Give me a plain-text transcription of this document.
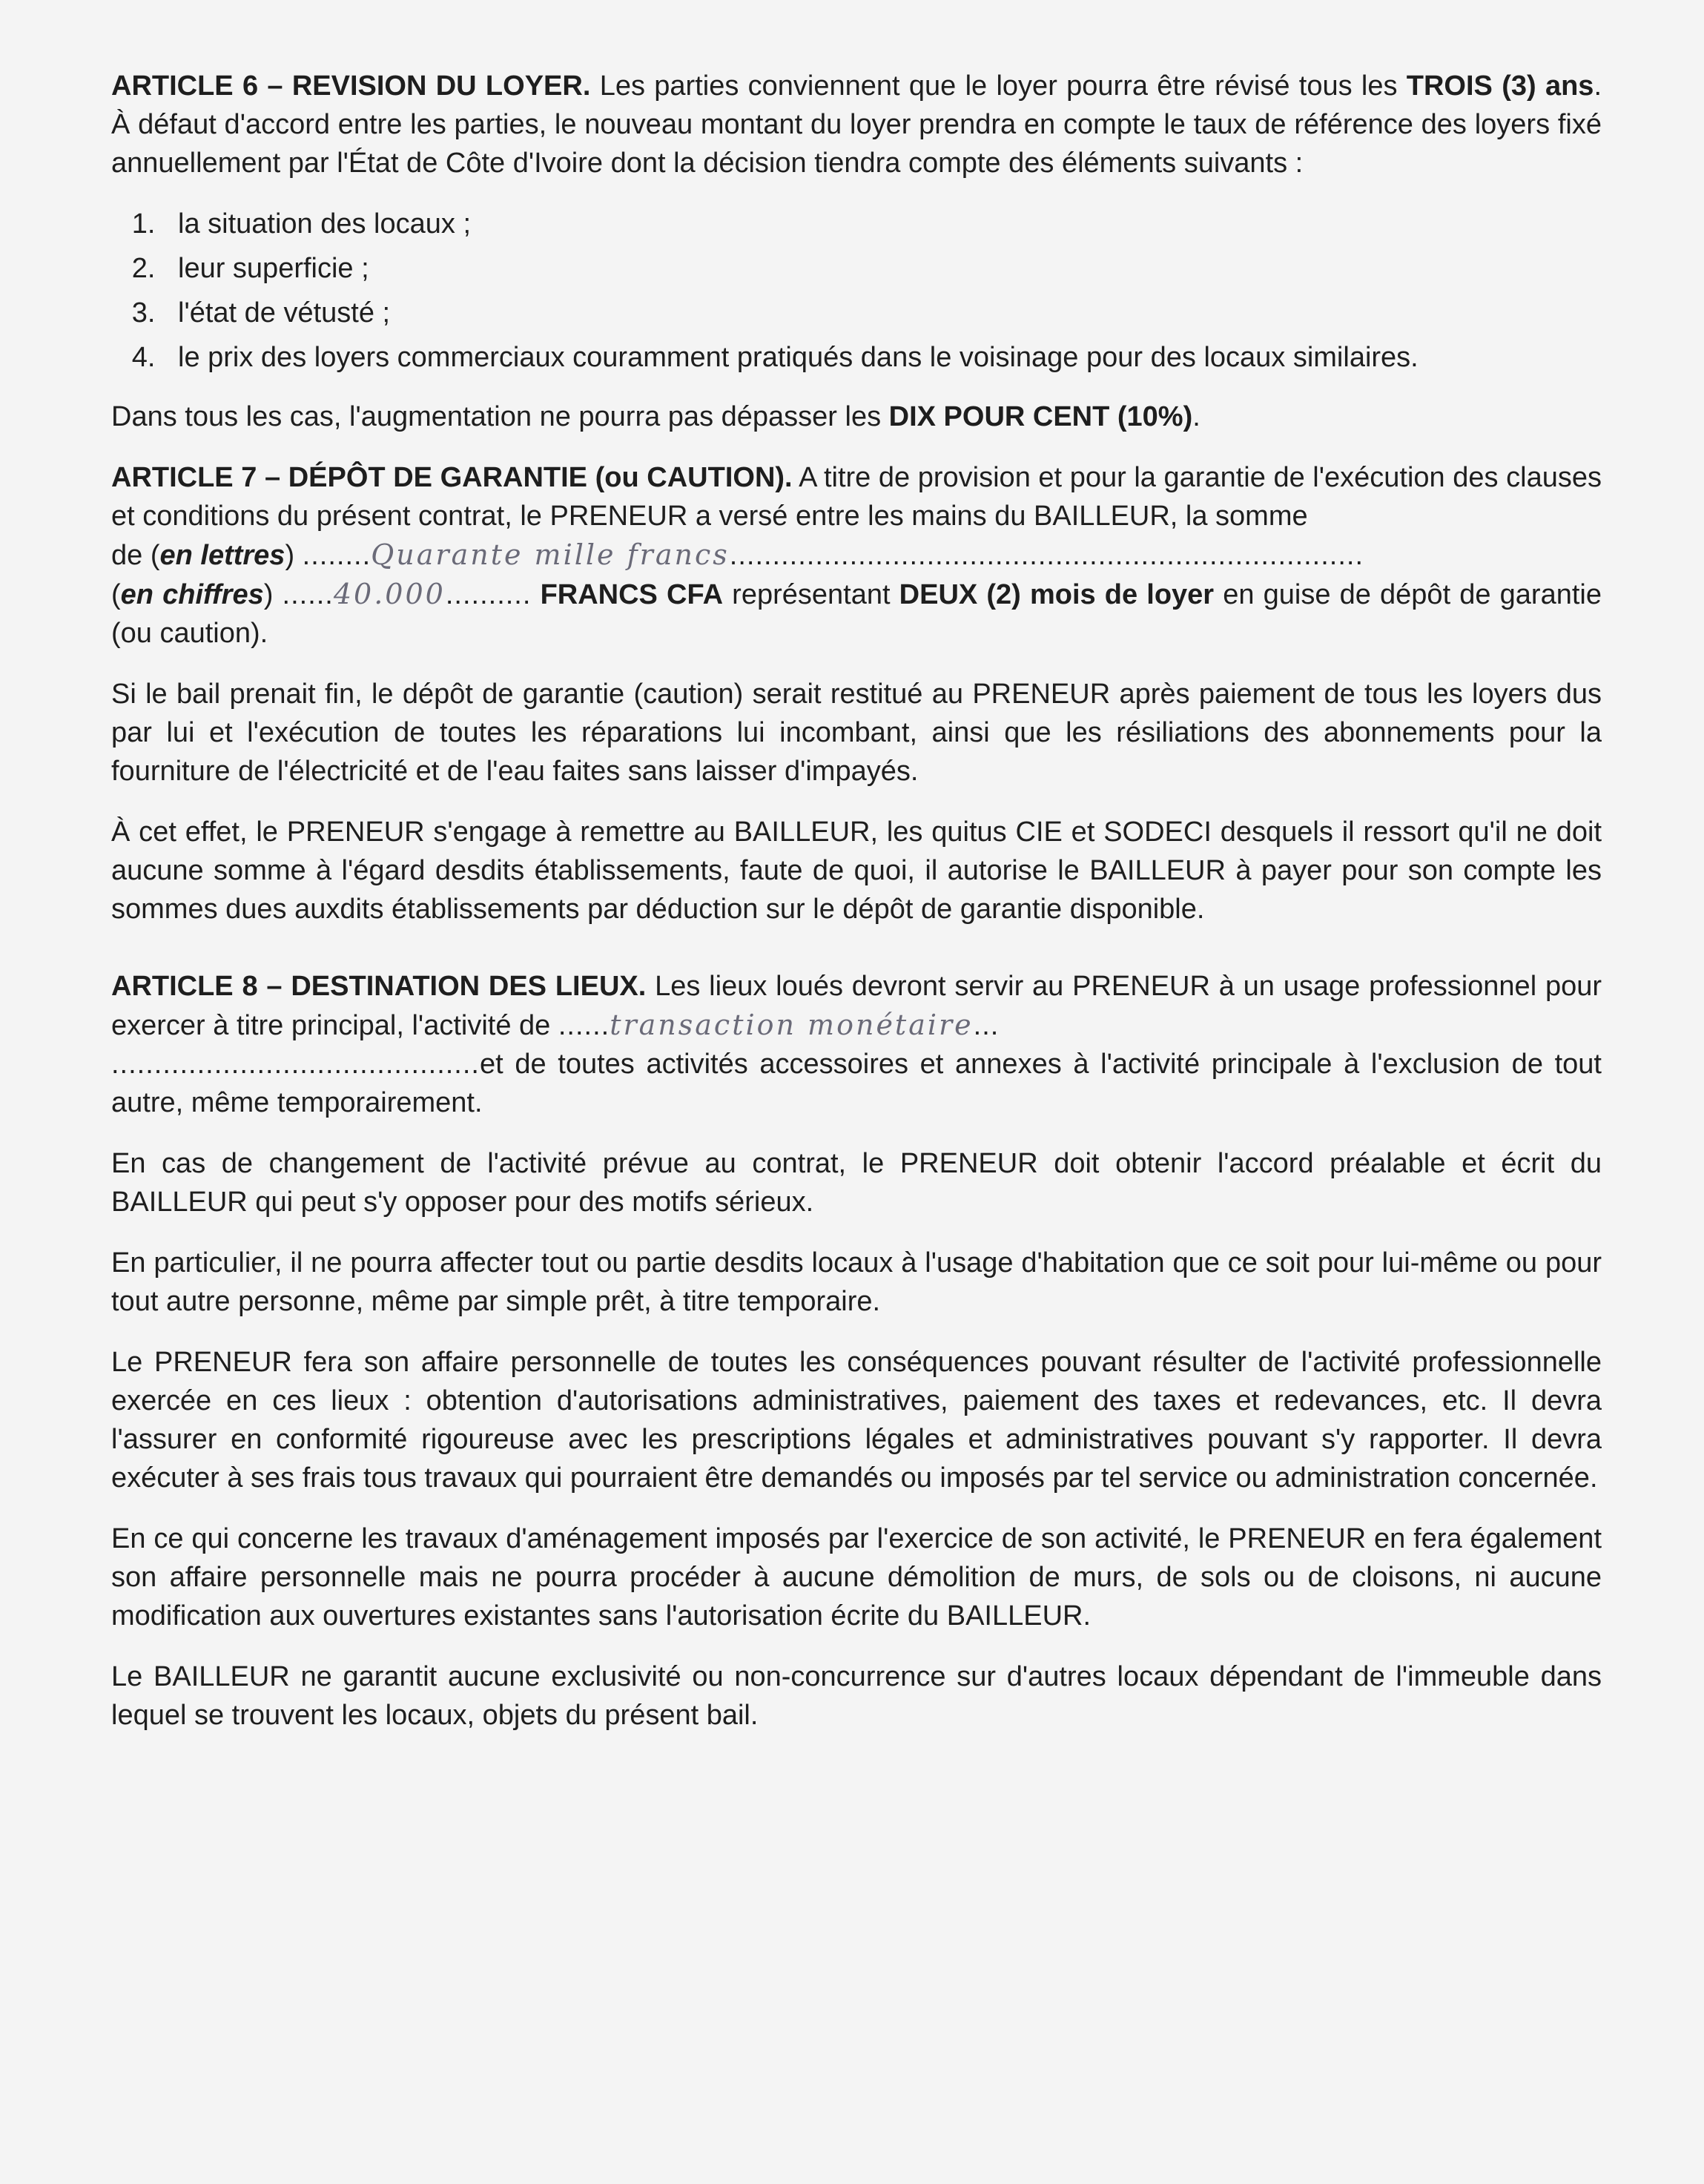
ARTICLE 6 – REVISION DU LOYER. Les parties conviennent que le loyer pourra être révisé tous les TROIS (3) ans. À défaut d'accord entre les parties, le nouveau montant du loyer prendra en compte le taux de référence des loyers fixé annuellement par l'État de Côte d'Ivoire dont la décision tiendra compte des éléments suivants :

1. la situation des locaux ;
2. leur superficie ;
3. l'état de vétusté ;
4. le prix des loyers commerciaux couramment pratiqués dans le voisinage pour des locaux similaires.

Dans tous les cas, l'augmentation ne pourra pas dépasser les DIX POUR CENT (10%).

ARTICLE 7 – DÉPÔT DE GARANTIE (ou CAUTION). A titre de provision et pour la garantie de l'exécution des clauses et conditions du présent contrat, le PRENEUR a versé entre les mains du BAILLEUR, la somme

de (en lettres) ........Quarante mille francs..........................................................................

(en chiffres) ......40.000.......... FRANCS CFA représentant DEUX (2) mois de loyer en guise de dépôt de garantie (ou caution).

Si le bail prenait fin, le dépôt de garantie (caution) serait restitué au PRENEUR après paiement de tous les loyers dus par lui et l'exécution de toutes les réparations lui incombant, ainsi que les résiliations des abonnements pour la fourniture de l'électricité et de l'eau faites sans laisser d'impayés.

À cet effet, le PRENEUR s'engage à remettre au BAILLEUR, les quitus CIE et SODECI desquels il ressort qu'il ne doit aucune somme à l'égard desdits établissements, faute de quoi, il autorise le BAILLEUR à payer pour son compte les sommes dues auxdits établissements par déduction sur le dépôt de garantie disponible.

ARTICLE 8 – DESTINATION DES LIEUX. Les lieux loués devront servir au PRENEUR à un usage professionnel pour exercer à titre principal, l'activité de ......transaction monétaire...

...........................................et de toutes activités accessoires et annexes à l'activité principale à l'exclusion de tout autre, même temporairement.

En cas de changement de l'activité prévue au contrat, le PRENEUR doit obtenir l'accord préalable et écrit du BAILLEUR qui peut s'y opposer pour des motifs sérieux.

En particulier, il ne pourra affecter tout ou partie desdits locaux à l'usage d'habitation que ce soit pour lui-même ou pour tout autre personne, même par simple prêt, à titre temporaire.

Le PRENEUR fera son affaire personnelle de toutes les conséquences pouvant résulter de l'activité professionnelle exercée en ces lieux : obtention d'autorisations administratives, paiement des taxes et redevances, etc. Il devra l'assurer en conformité rigoureuse avec les prescriptions légales et administratives pouvant s'y rapporter. Il devra exécuter à ses frais tous travaux qui pourraient être demandés ou imposés par tel service ou administration concernée.

En ce qui concerne les travaux d'aménagement imposés par l'exercice de son activité, le PRENEUR en fera également son affaire personnelle mais ne pourra procéder à aucune démolition de murs, de sols ou de cloisons, ni aucune modification aux ouvertures existantes sans l'autorisation écrite du BAILLEUR.

Le BAILLEUR ne garantit aucune exclusivité ou non-concurrence sur d'autres locaux dépendant de l'immeuble dans lequel se trouvent les locaux, objets du présent bail.
